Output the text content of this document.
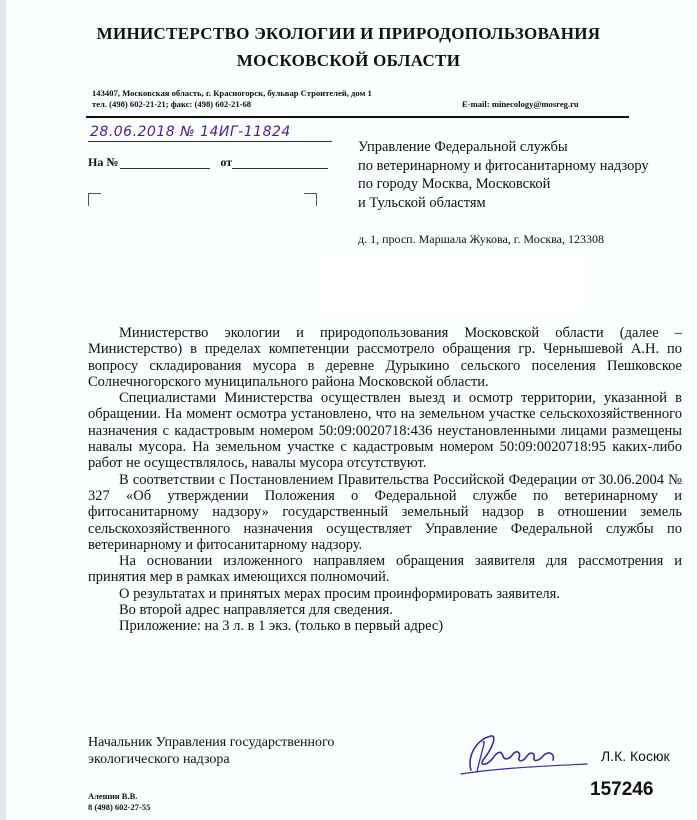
МИНИСТЕРСТВО ЭКОЛОГИИ И ПРИРОДОПОЛЬЗОВАНИЯ
МОСКОВСКОЙ ОБЛАСТИ
143407, Московская область, г. Красногорск, бульвар Строителей, дом 1
тел. (498) 602-21-21; факс: (498) 602-21-68	E-mail: minecology@mosreg.ru
28.06.2018 № 14ИГ-11824
На №	от
Управление Федеральной службы
по ветеринарному и фитосанитарному надзору
по городу Москва, Московской
и Тульской областям
д. 1, просп. Маршала Жукова, г. Москва, 123308

Министерство экологии и природопользования Московской области (далее – Министерство) в пределах компетенции рассмотрело обращения гр. Чернышевой А.Н. по вопросу складирования мусора в деревне Дурыкино сельского поселения Пешковское Солнечногорского муниципального района Московской области.

Специалистами Министерства осуществлен выезд и осмотр территории, указанной в обращении. На момент осмотра установлено, что на земельном участке сельскохозяйственного назначения с кадастровым номером 50:09:0020718:436 неустановленными лицами размещены навалы мусора. На земельном участке с кадастровым номером 50:09:0020718:95 каких-либо работ не осуществлялось, навалы мусора отсутствуют.

В соответствии с Постановлением Правительства Российской Федерации от 30.06.2004 № 327 «Об утверждении Положения о Федеральной службе по ветеринарному и фитосанитарному надзору» государственный земельный надзор в отношении земель сельскохозяйственного назначения осуществляет Управление Федеральной службы по ветеринарному и фитосанитарному надзору.

На основании изложенного направляем обращения заявителя для рассмотрения и принятия мер в рамках имеющихся полномочий.

О результатах и принятых мерах просим проинформировать заявителя.

Во второй адрес направляется для сведения.

Приложение: на 3 л. в 1 экз. (только в первый адрес)

Начальник Управления государственного
экологического надзора	Л.К. Косюк
Алешин В.В.
8 (498) 602-27-55
157246
